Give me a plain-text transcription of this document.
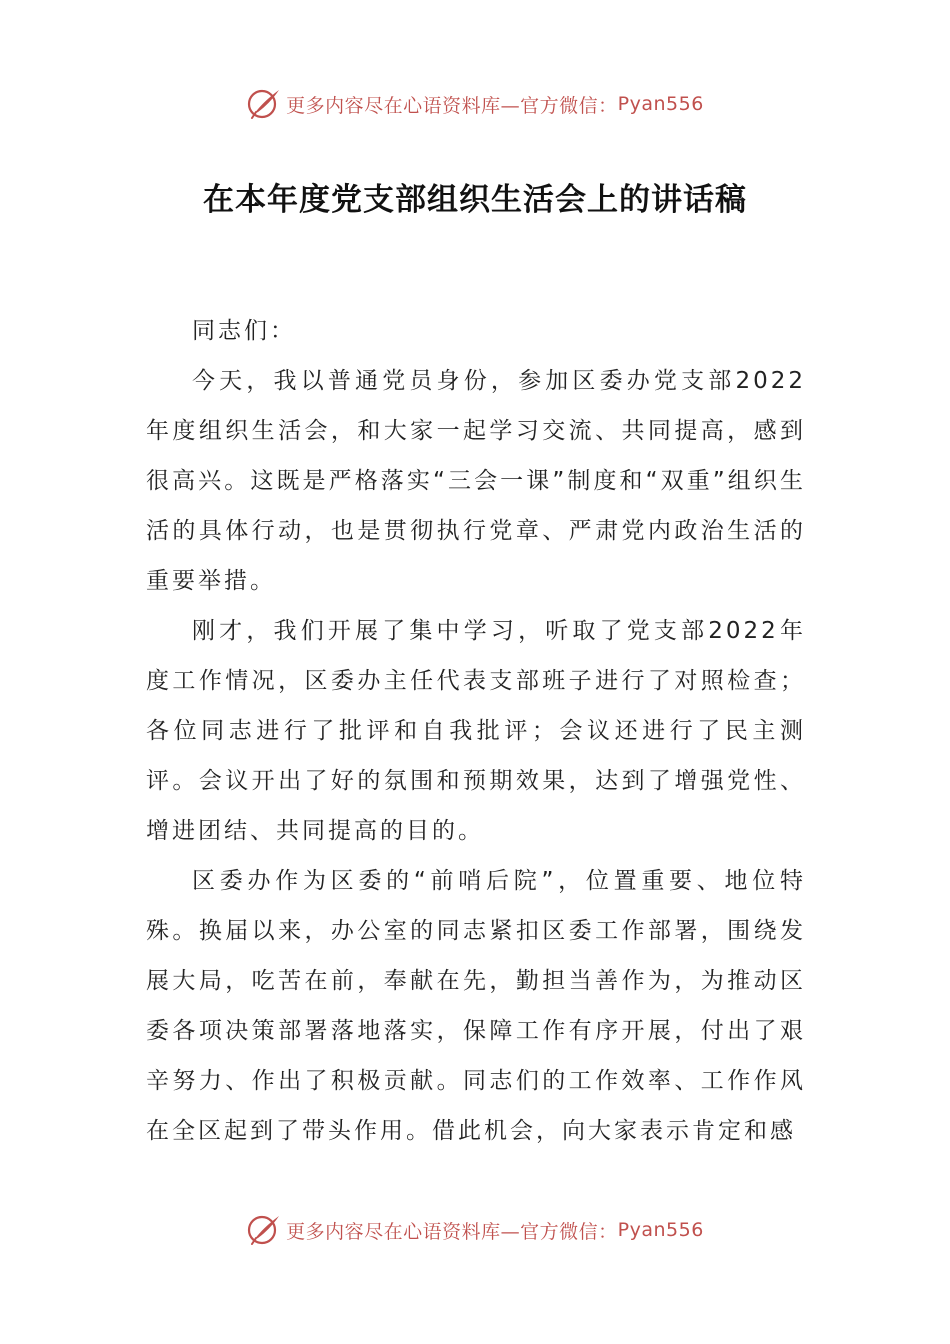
更多内容尽在心语资料库—官方微信： Pyan556
在本年度党支部组织生活会上的讲话稿

同志们：

今天，我以普通党员身份，参加区委办党支部2022年度组织生活会，和大家一起学习交流、共同提高，感到很高兴。这既是严格落实“三会一课”制度和“双重”组织生活的具体行动，也是贯彻执行党章、严肃党内政治生活的重要举措。

刚才，我们开展了集中学习，听取了党支部2022年度工作情况，区委办主任代表支部班子进行了对照检查；各位同志进行了批评和自我批评；会议还进行了民主测评。会议开出了好的氛围和预期效果，达到了增强党性、增进团结、共同提高的目的。

区委办作为区委的“前哨后院”，位置重要、地位特殊。换届以来，办公室的同志紧扣区委工作部署，围绕发展大局，吃苦在前，奉献在先，勤担当善作为，为推动区委各项决策部署落地落实，保障工作有序开展，付出了艰辛努力、作出了积极贡献。同志们的工作效率、工作作风在全区起到了带头作用。借此机会，向大家表示肯定和感

更多内容尽在心语资料库—官方微信： Pyan556
